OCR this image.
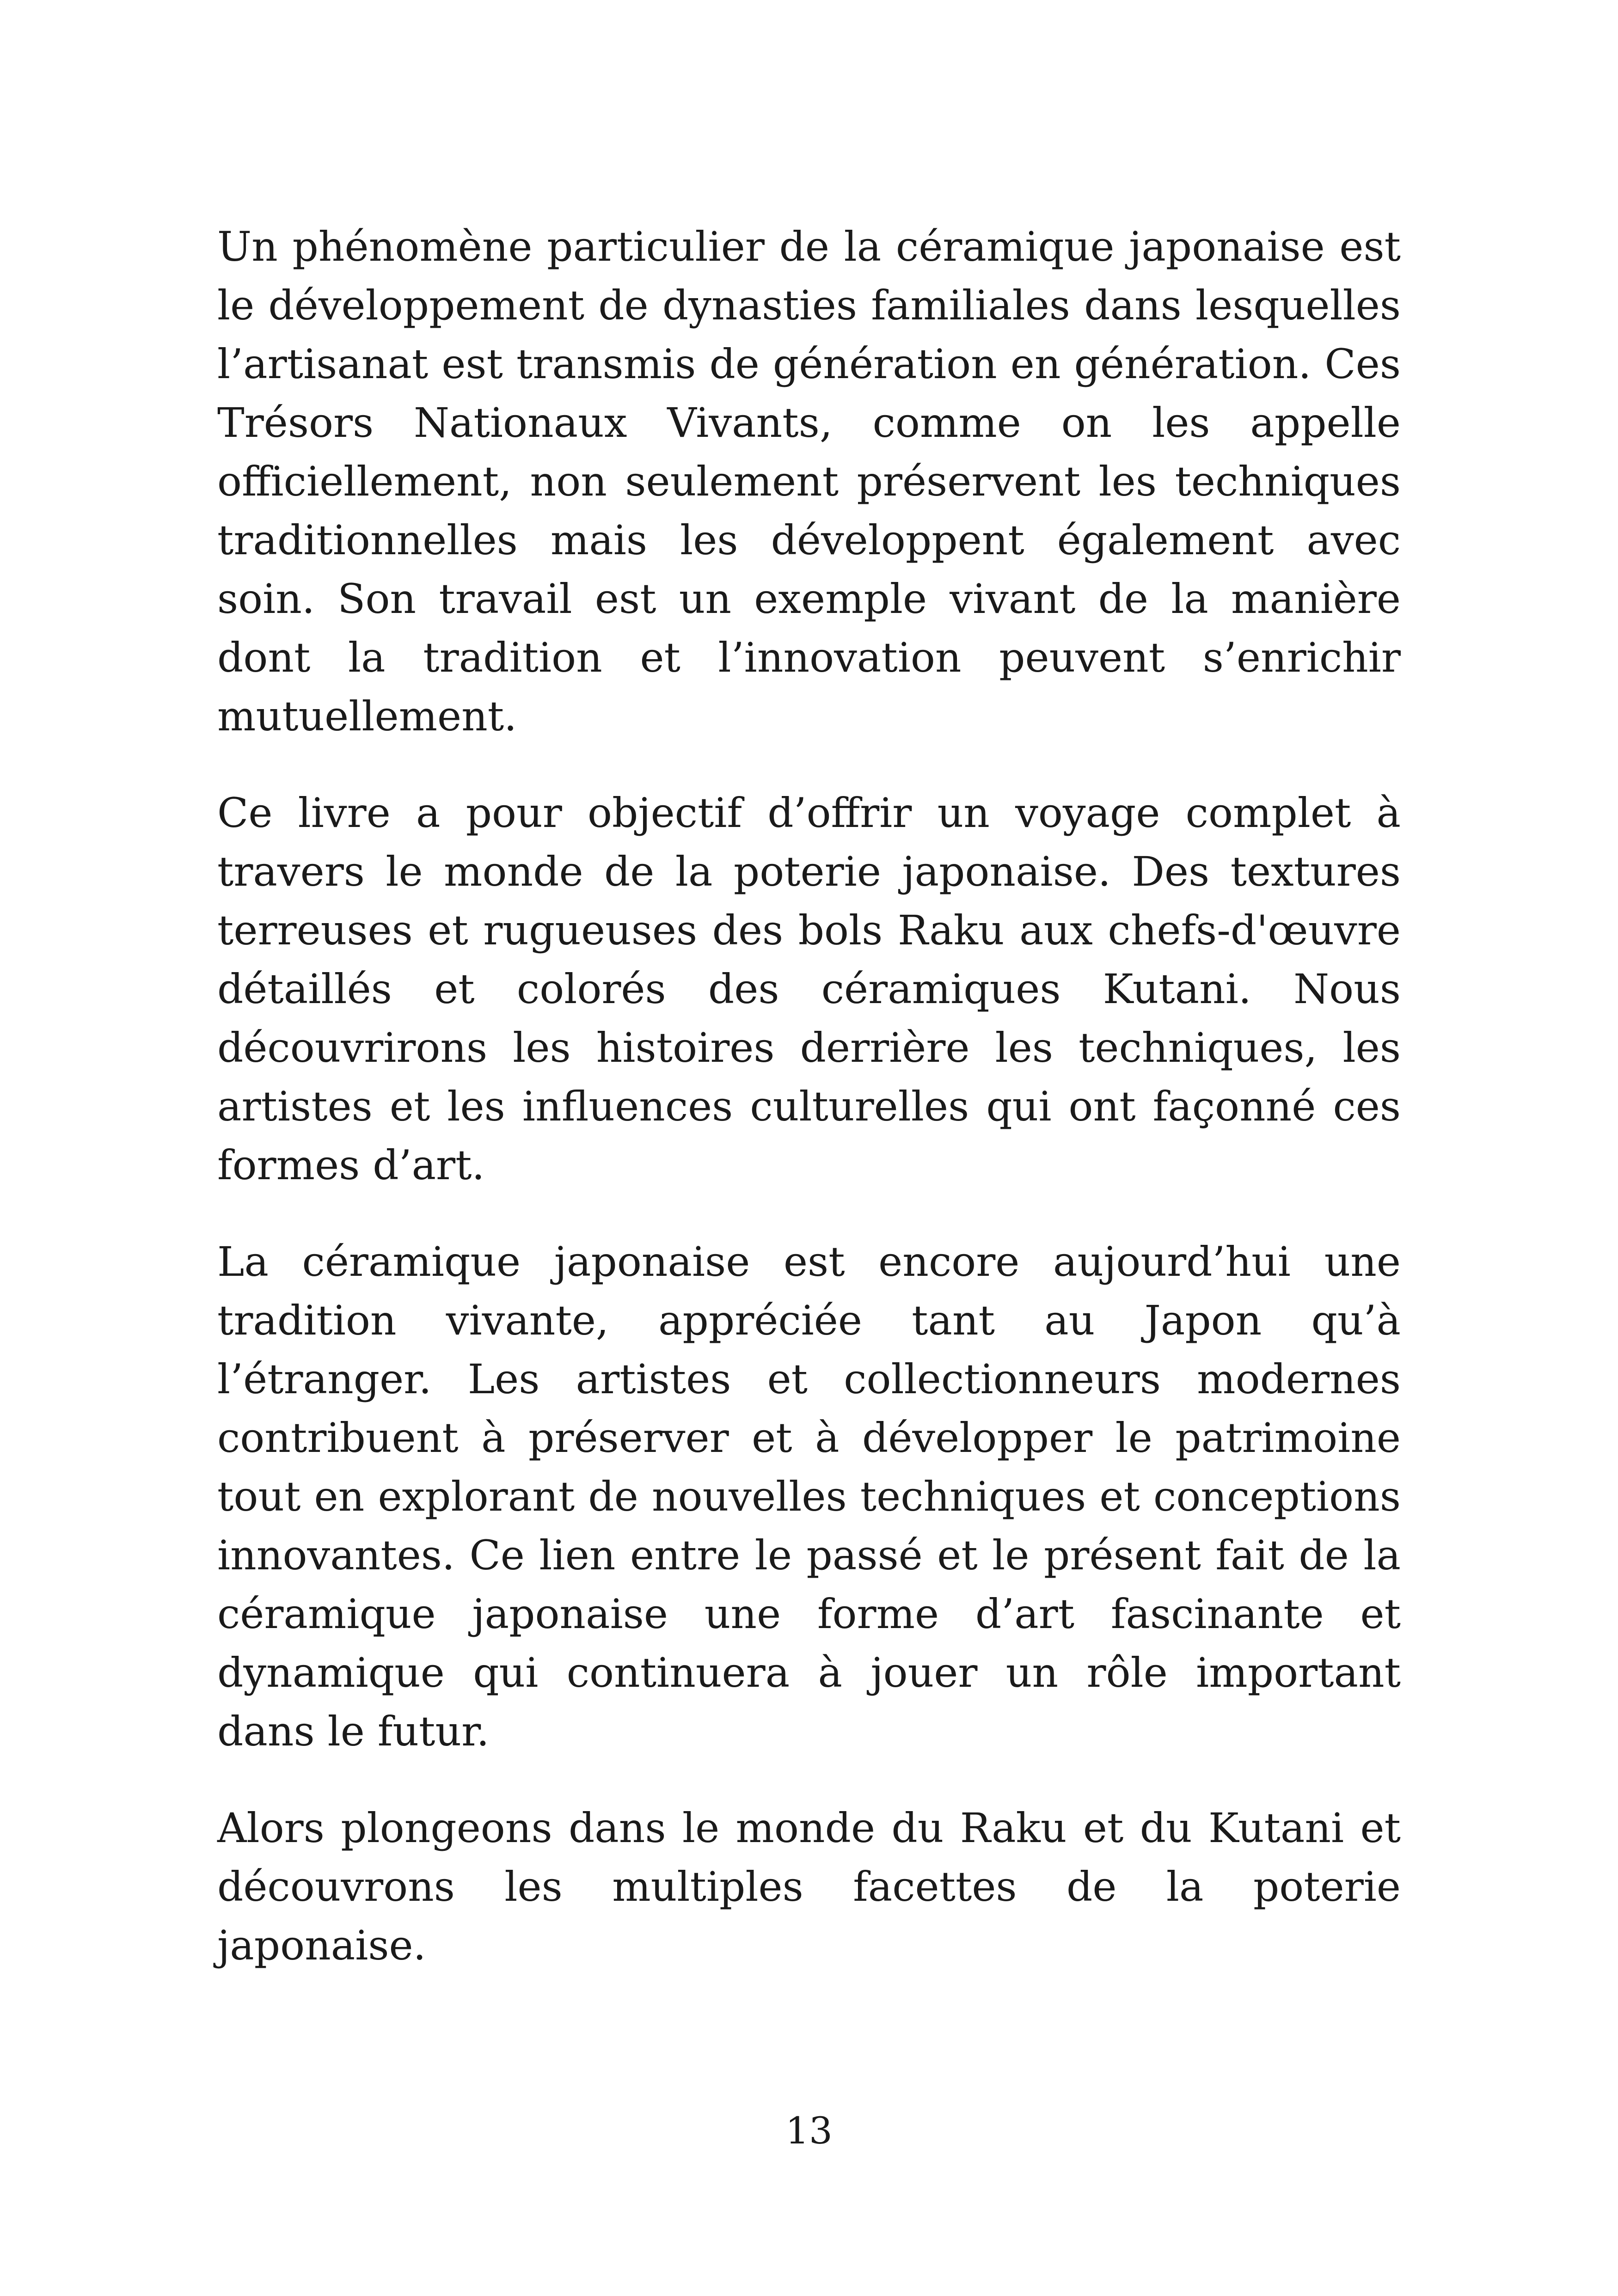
Un phénomène particulier de la céramique japonaise est le développement de dynasties familiales dans lesquelles l’artisanat est transmis de génération en génération. Ces Trésors Nationaux Vivants, comme on les appelle officiellement, non seulement préservent les techniques traditionnelles mais les développent également avec soin. Son travail est un exemple vivant de la manière dont la tradition et l’innovation peuvent s’enrichir mutuellement.

Ce livre a pour objectif d’offrir un voyage complet à travers le monde de la poterie japonaise. Des textures terreuses et rugueuses des bols Raku aux chefs-d'œuvre détaillés et colorés des céramiques Kutani. Nous découvrirons les histoires derrière les techniques, les artistes et les influences culturelles qui ont façonné ces formes d’art.

La céramique japonaise est encore aujourd’hui une tradition vivante, appréciée tant au Japon qu’à l’étranger. Les artistes et collectionneurs modernes contribuent à préserver et à développer le patrimoine tout en explorant de nouvelles techniques et conceptions innovantes. Ce lien entre le passé et le présent fait de la céramique japonaise une forme d’art fascinante et dynamique qui continuera à jouer un rôle important dans le futur.

Alors plongeons dans le monde du Raku et du Kutani et découvrons les multiples facettes de la poterie japonaise.

13
